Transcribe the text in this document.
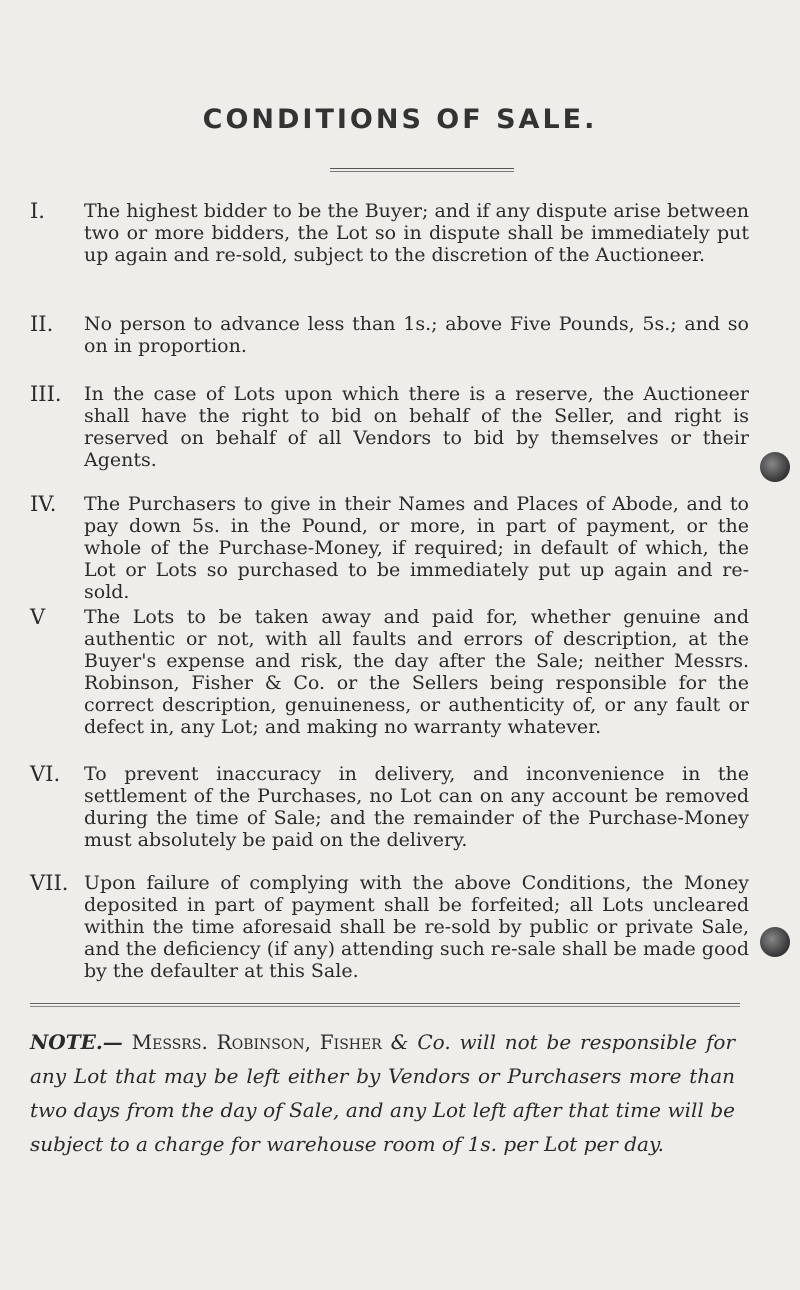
CONDITIONS OF SALE.
I. The highest bidder to be the Buyer; and if any dispute arise between two or more bidders, the Lot so in dispute shall be immediately put up again and re-sold, subject to the discretion of the Auctioneer.
II. No person to advance less than 1s.; above Five Pounds, 5s.; and so on in proportion.
III. In the case of Lots upon which there is a reserve, the Auctioneer shall have the right to bid on behalf of the Seller, and right is reserved on behalf of all Vendors to bid by themselves or their Agents.
IV. The Purchasers to give in their Names and Places of Abode, and to pay down 5s. in the Pound, or more, in part of payment, or the whole of the Purchase-Money, if required; in default of which, the Lot or Lots so purchased to be immediately put up again and re-sold.
V The Lots to be taken away and paid for, whether genuine and authentic or not, with all faults and errors of description, at the Buyer's expense and risk, the day after the Sale; neither Messrs. Robinson, Fisher & Co. or the Sellers being responsible for the correct description, genuineness, or authenticity of, or any fault or defect in, any Lot; and making no warranty whatever.
VI. To prevent inaccuracy in delivery, and inconvenience in the settlement of the Purchases, no Lot can on any account be removed during the time of Sale; and the remainder of the Purchase-Money must absolutely be paid on the delivery.
VII. Upon failure of complying with the above Conditions, the Money deposited in part of payment shall be forfeited; all Lots uncleared within the time aforesaid shall be re-sold by public or private Sale, and the deficiency (if any) attending such re-sale shall be made good by the defaulter at this Sale.
NOTE.— Messrs. Robinson, Fisher & Co. will not be responsible for any Lot that may be left either by Vendors or Purchasers more than two days from the day of Sale, and any Lot left after that time will be subject to a charge for warehouse room of 1s. per Lot per day.
